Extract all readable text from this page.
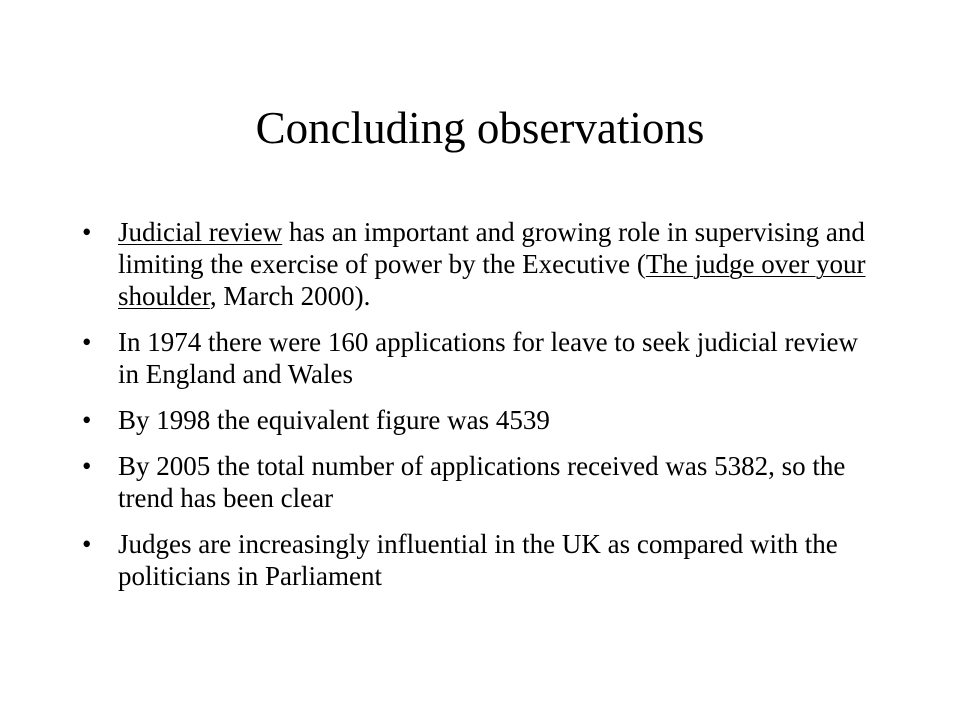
Concluding observations
• Judicial review has an important and growing role in supervising and limiting the exercise of power by the Executive (The judge over your shoulder, March 2000).
• In 1974 there were 160 applications for leave to seek judicial review in England and Wales
• By 1998 the equivalent figure was 4539
• By 2005 the total number of applications received was 5382, so the trend has been clear
• Judges are increasingly influential in the UK as compared with the politicians in Parliament
